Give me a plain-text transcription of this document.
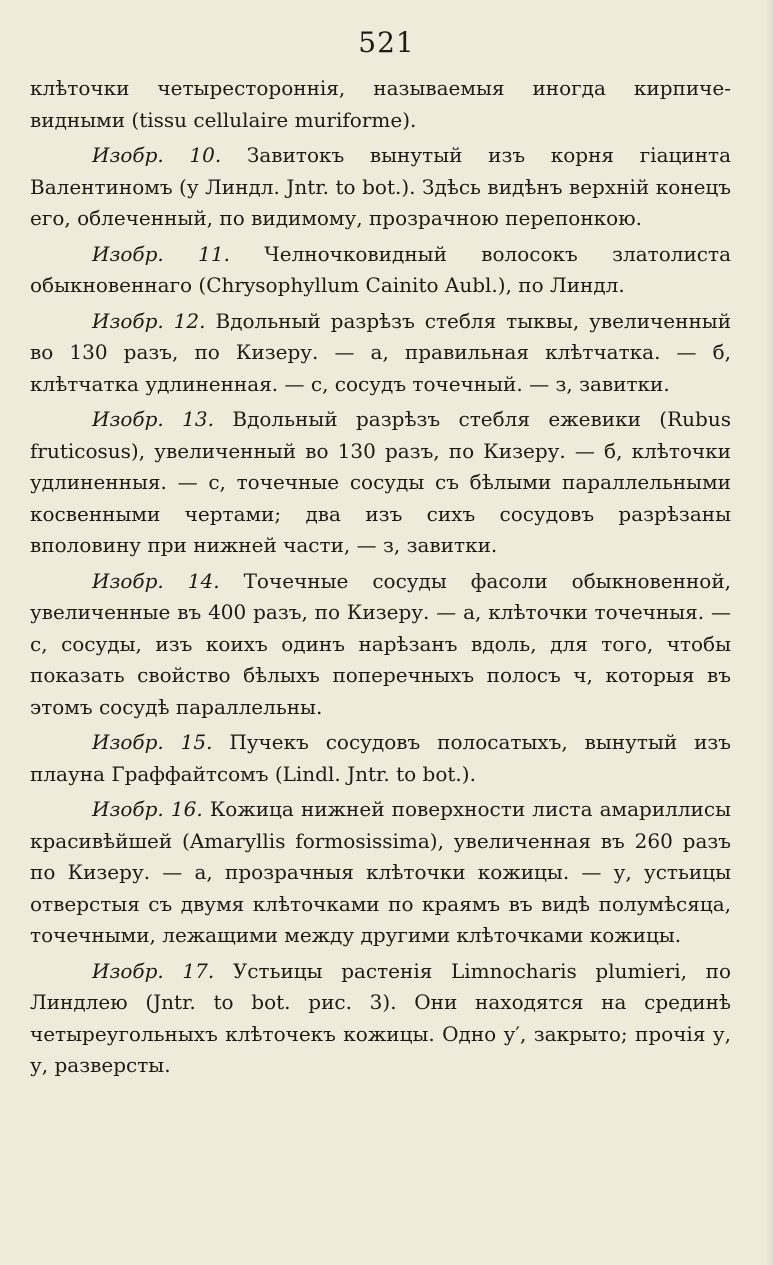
521

клѣточки четырестороннія, называемыя иногда кирпиче-видными (tissu cellulaire muriforme).

Изобр. 10. Завитокъ вынутый изъ корня гіацинта Валентиномъ (у Линдл. Jntr. to bot.). Здѣсь видѣнъ верхній конецъ его, облеченный, по видимому, прозрачною перепонкою.

Изобр. 11. Челночковидный волосокъ златолиста обыкновеннаго (Chrysophyllum Cainito Aubl.), по Линдл.

Изобр. 12. Вдольный разрѣзъ стебля тыквы, увеличенный во 130 разъ, по Кизеру. — а, правильная клѣтчатка. — б, клѣтчатка удлиненная. — с, сосудъ точечный. — з, завитки.

Изобр. 13. Вдольный разрѣзъ стебля ежевики (Rubus fruticosus), увеличенный во 130 разъ, по Кизеру. — б, клѣточки удлиненныя. — с, точечные сосуды съ бѣлыми параллельными косвенными чертами; два изъ сихъ сосудовъ разрѣзаны вполовину при нижней части, — з, завитки.

Изобр. 14. Точечные сосуды фасоли обыкновенной, увеличенные въ 400 разъ, по Кизеру. — а, клѣточки точечныя. — с, сосуды, изъ коихъ одинъ нарѣзанъ вдоль, для того, чтобы показать свойство бѣлыхъ поперечныхъ полосъ ч, которыя въ этомъ сосудѣ параллельны.

Изобр. 15. Пучекъ сосудовъ полосатыхъ, вынутый изъ плауна Граффайтсомъ (Lindl. Jntr. to bot.).

Изобр. 16. Кожица нижней поверхности листа амариллисы красивѣйшей (Amaryllis formosissima), увеличенная въ 260 разъ по Кизеру. — а, прозрачныя клѣточки кожицы. — у, устьицы отверстыя съ двумя клѣточками по краямъ въ видѣ полумѣсяца, точечными, лежащими между другими клѣточками кожицы.

Изобр. 17. Устьицы растенія Limnocharis plumieri, по Линдлею (Jntr. to bot. рис. 3). Они находятся на срединѣ четыреугольныхъ клѣточекъ кожицы. Одно у′, закрыто; прочія у, у, разверсты.
